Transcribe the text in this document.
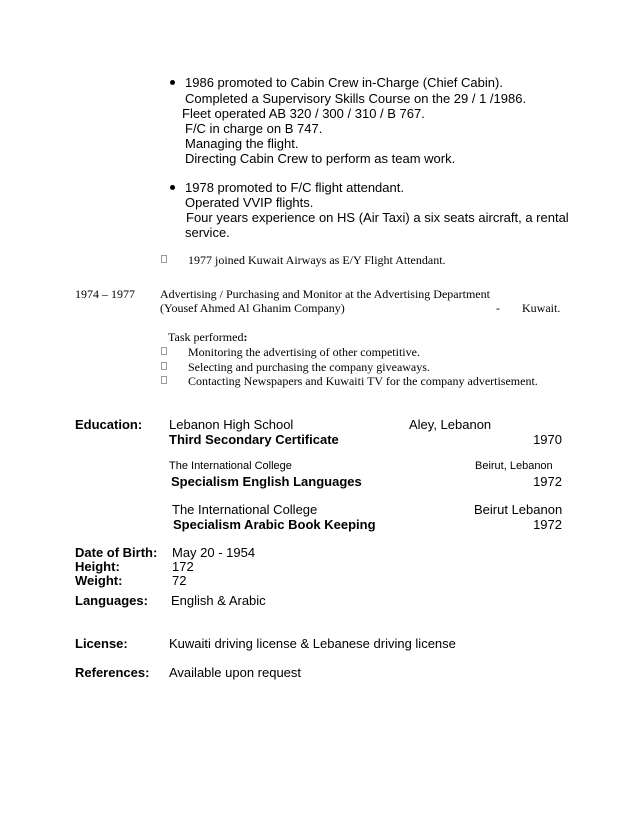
1986 promoted to Cabin Crew in-Charge (Chief Cabin).
Completed a Supervisory Skills Course on the 29 / 1 /1986.
Fleet operated AB 320 / 300 / 310 / B 767.
F/C in charge on B 747.
Managing the flight.
Directing Cabin Crew to perform as team work.
1978 promoted to F/C flight attendant.
Operated VVIP flights.
Four years experience on HS (Air Taxi) a six seats aircraft, a rental
service.
1977 joined Kuwait Airways as E/Y Flight Attendant.
1974 – 1977 Advertising / Purchasing and Monitor at the Advertising Department
(Yousef Ahmed Al Ghanim Company)	- Kuwait.
Task performed:
Monitoring the advertising of other competitive.
Selecting and purchasing the company giveaways.
Contacting Newspapers and Kuwaiti TV for the company advertisement.
Education: Lebanon High School	Aley, Lebanon
Third Secondary Certificate	1970
The International College	Beirut, Lebanon
Specialism English Languages	1972
The International College	Beirut Lebanon
Specialism Arabic Book Keeping	1972
Date of Birth: May 20 - 1954
Height:	172
Weight:	72
Languages: English & Arabic
License:	Kuwaiti driving license & Lebanese driving license
References: Available upon request
